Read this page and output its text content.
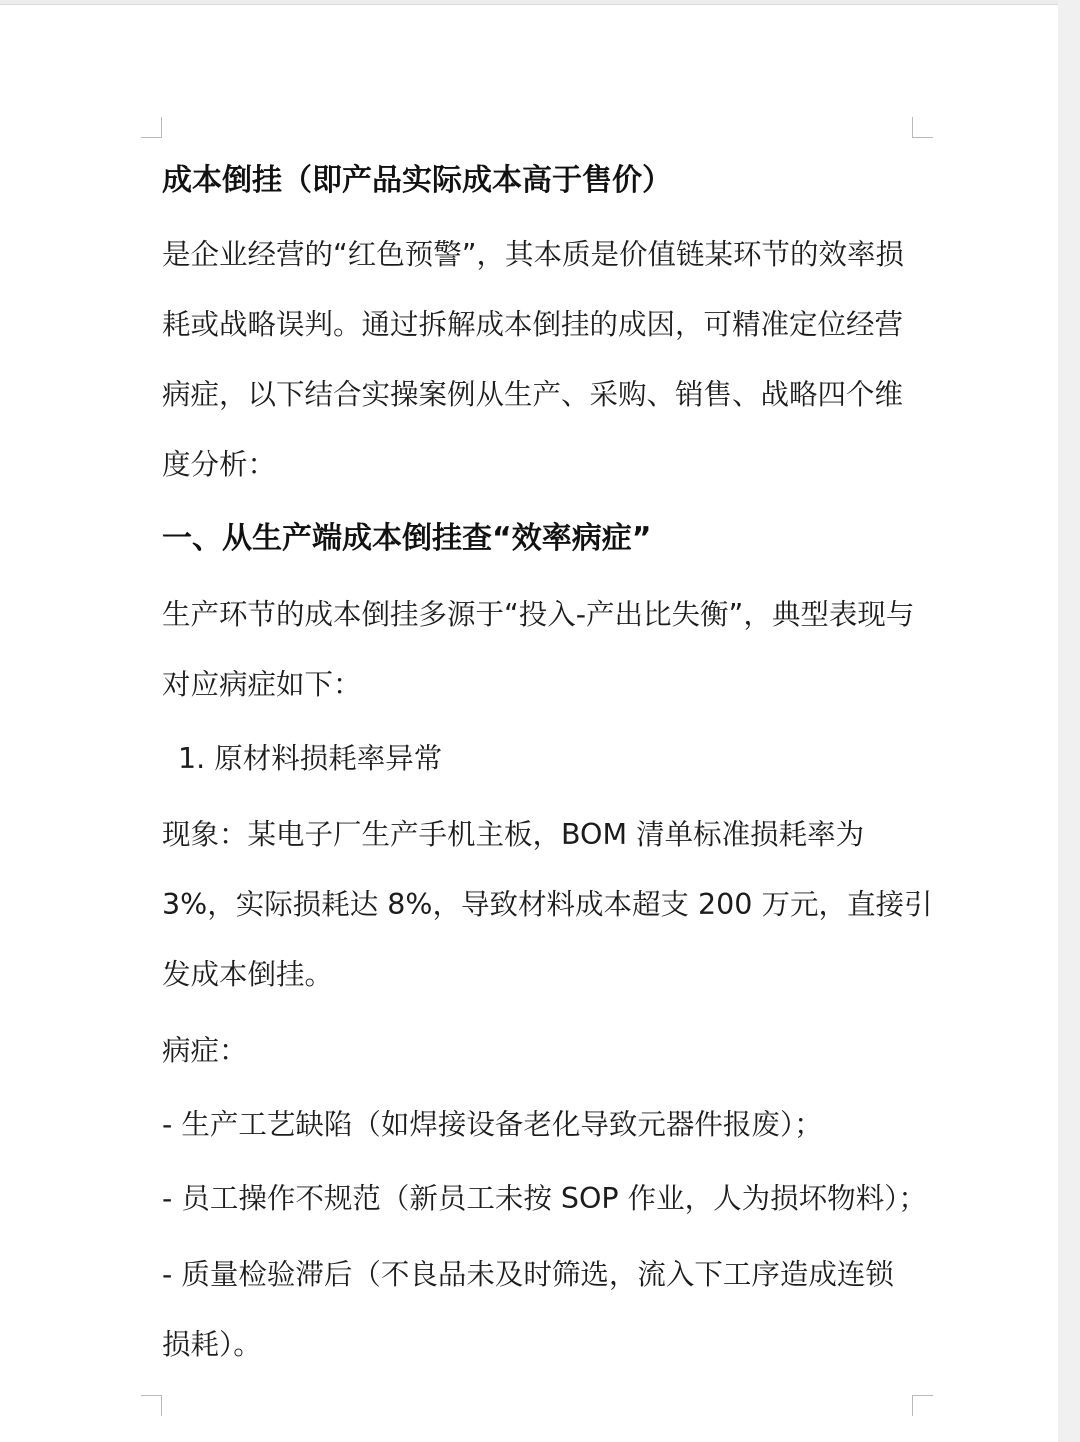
成本倒挂（即产品实际成本高于售价）
是企业经营的“红色预警”，其本质是价值链某环节的效率损
耗或战略误判。通过拆解成本倒挂的成因，可精准定位经营
病症，以下结合实操案例从生产、采购、销售、战略四个维
度分析：
一、从生产端成本倒挂查“效率病症”
生产环节的成本倒挂多源于“投入-产出比失衡”，典型表现与
对应病症如下：
1. 原材料损耗率异常
现象：某电子厂生产手机主板，BOM 清单标准损耗率为
3%，实际损耗达 8%，导致材料成本超支 200 万元，直接引
发成本倒挂。
病症：
- 生产工艺缺陷（如焊接设备老化导致元器件报废）；
- 员工操作不规范（新员工未按 SOP 作业，人为损坏物料）；
- 质量检验滞后（不良品未及时筛选，流入下工序造成连锁
损耗）。
